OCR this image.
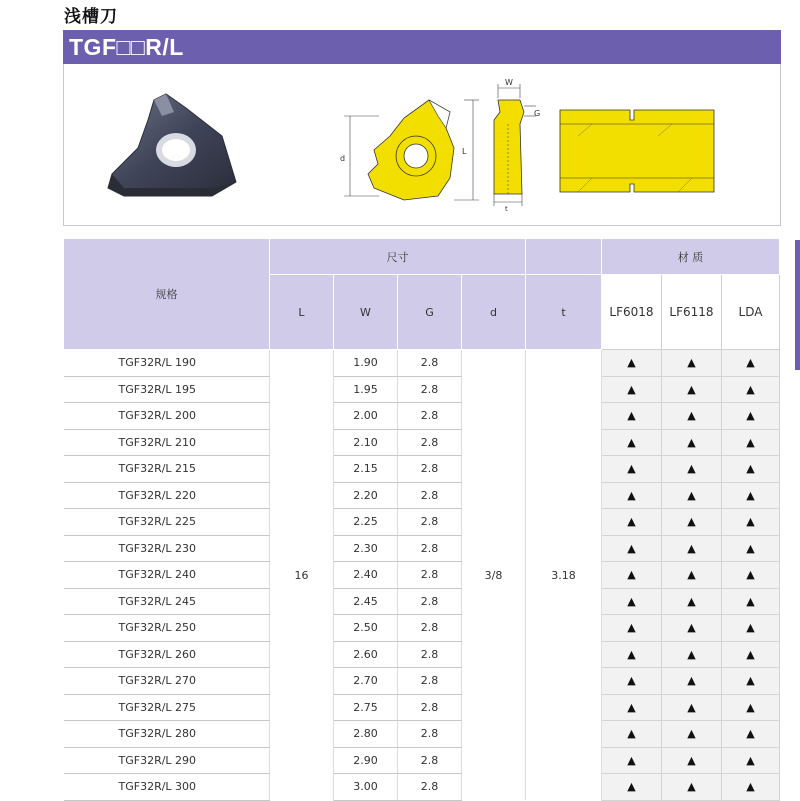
浅槽刀
TGF□□R/L
d
L
W
G
t
规格	尺寸					材 质		
	L	W	G	d	t	LF6018	LF6118	LDA
TGF32R/L 190	16	1.90	2.8	3/8	3.18	▲	▲	▲
TGF32R/L 195		1.95	2.8			▲	▲	▲
TGF32R/L 200		2.00	2.8			▲	▲	▲
TGF32R/L 210		2.10	2.8			▲	▲	▲
TGF32R/L 215		2.15	2.8			▲	▲	▲
TGF32R/L 220		2.20	2.8			▲	▲	▲
TGF32R/L 225		2.25	2.8			▲	▲	▲
TGF32R/L 230		2.30	2.8			▲	▲	▲
TGF32R/L 240		2.40	2.8			▲	▲	▲
TGF32R/L 245		2.45	2.8			▲	▲	▲
TGF32R/L 250		2.50	2.8			▲	▲	▲
TGF32R/L 260		2.60	2.8			▲	▲	▲
TGF32R/L 270		2.70	2.8			▲	▲	▲
TGF32R/L 275		2.75	2.8			▲	▲	▲
TGF32R/L 280		2.80	2.8			▲	▲	▲
TGF32R/L 290		2.90	2.8			▲	▲	▲
TGF32R/L 300		3.00	2.8			▲	▲	▲
